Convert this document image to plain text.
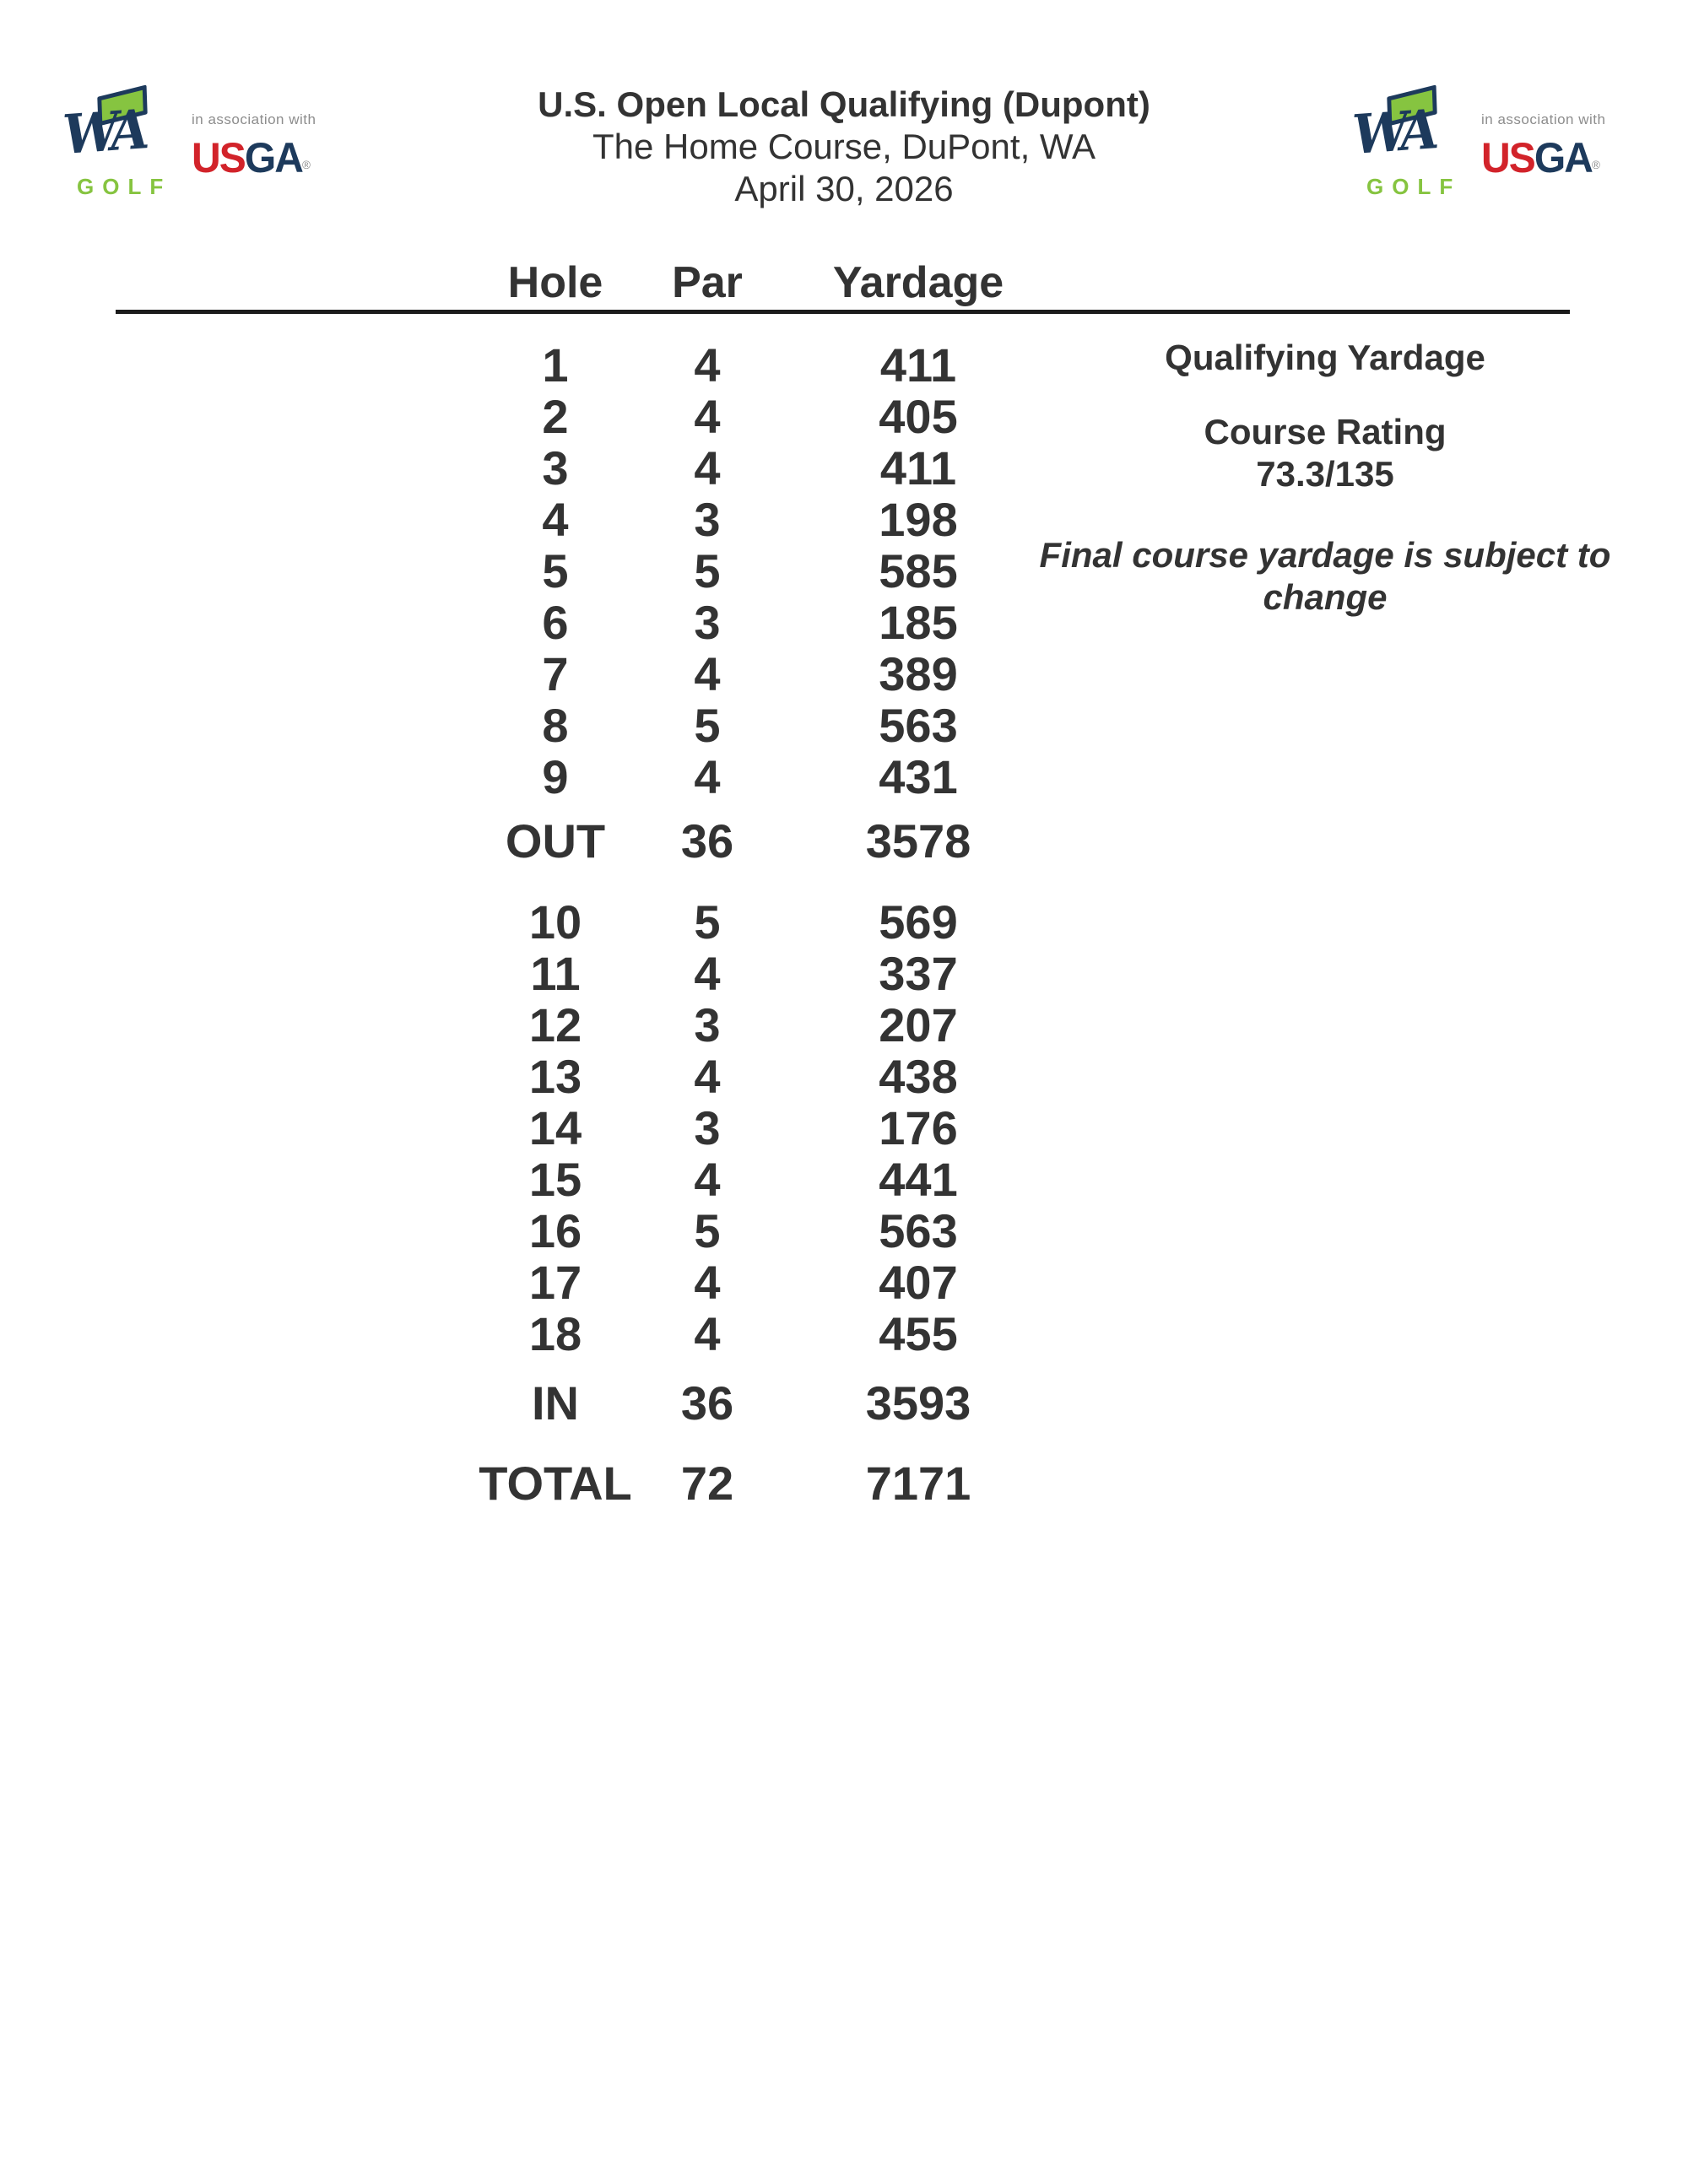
WA
GOLF
in association with
USGA®	WA
GOLF
in association with
USGA®
U.S. Open Local Qualifying (Dupont)
The Home Course, DuPont, WA
April 30, 2026
Hole	Par	Yardage
1	4	411
2	4	405
3	4	411
4	3	198
5	5	585
6	3	185
7	4	389
8	5	563
9	4	431
OUT	36	3578
10	5	569
11	4	337
12	3	207
13	4	438
14	3	176
15	4	441
16	5	563
17	4	407
18	4	455
IN	36	3593
TOTAL	72	7171
Qualifying Yardage
Course Rating
73.3/135
Final course yardage is subject to change
